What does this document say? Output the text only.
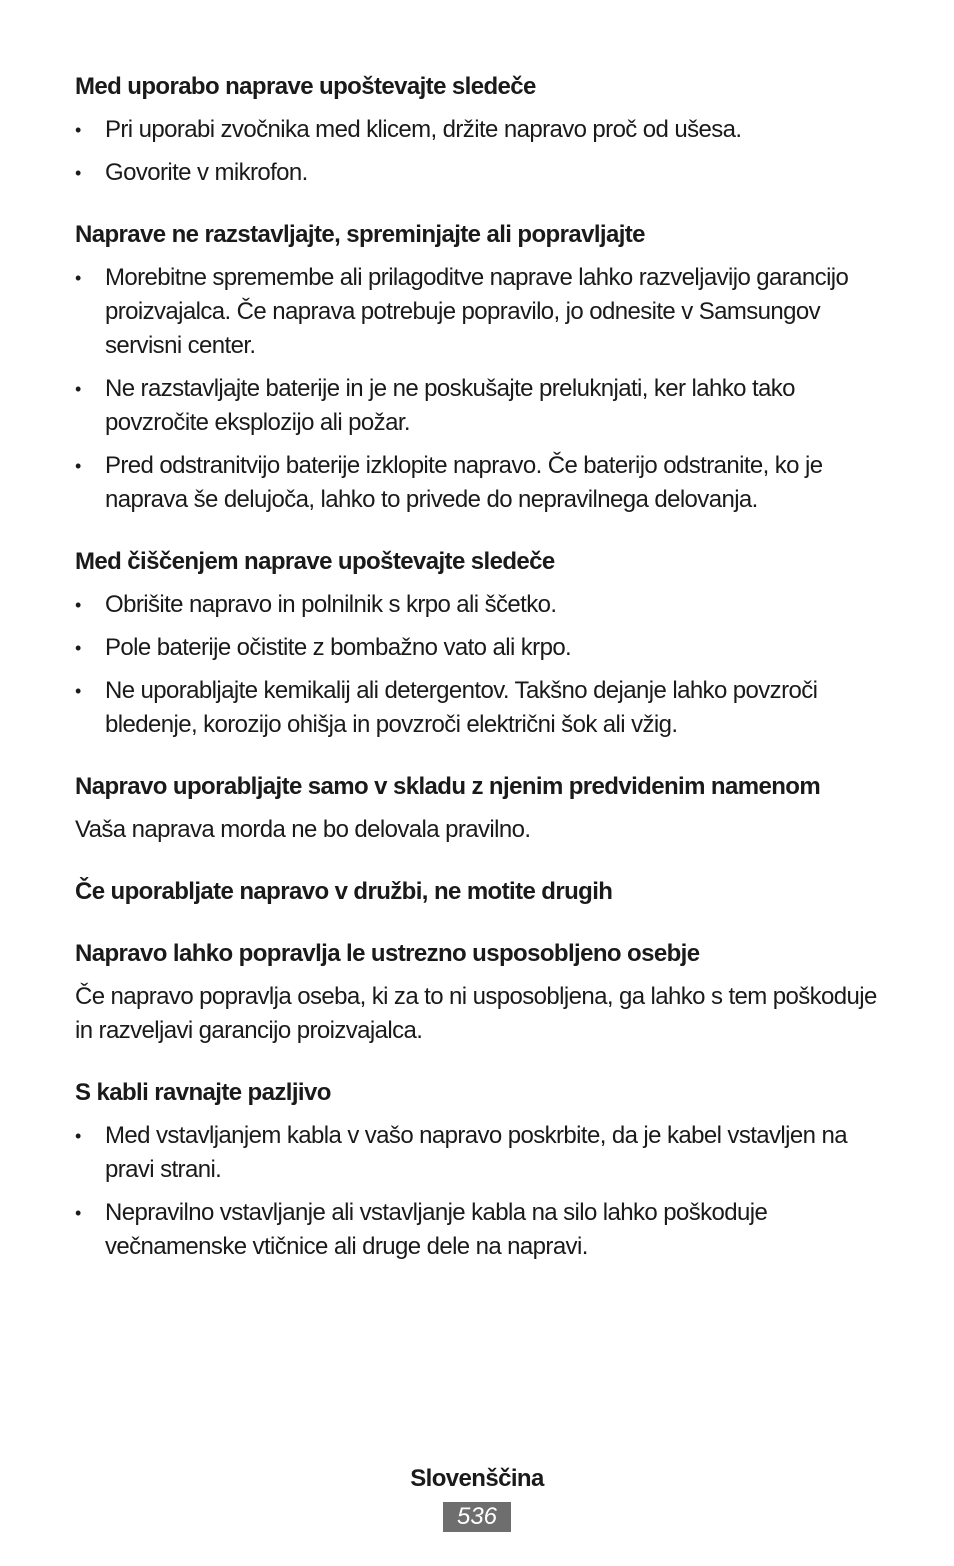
Med uporabo naprave upoštevajte sledeče
• Pri uporabi zvočnika med klicem, držite napravo proč od ušesa.
• Govorite v mikrofon.
Naprave ne razstavljajte, spreminjajte ali popravljajte
• Morebitne spremembe ali prilagoditve naprave lahko razveljavijo garancijo proizvajalca. Če naprava potrebuje popravilo, jo odnesite v Samsungov servisni center.
• Ne razstavljajte baterije in je ne poskušajte preluknjati, ker lahko tako povzročite eksplozijo ali požar.
• Pred odstranitvijo baterije izklopite napravo. Če baterijo odstranite, ko je naprava še delujoča, lahko to privede do nepravilnega delovanja.
Med čiščenjem naprave upoštevajte sledeče
• Obrišite napravo in polnilnik s krpo ali ščetko.
• Pole baterije očistite z bombažno vato ali krpo.
• Ne uporabljajte kemikalij ali detergentov. Takšno dejanje lahko povzroči bledenje, korozijo ohišja in povzroči električni šok ali vžig.
Napravo uporabljajte samo v skladu z njenim predvidenim namenom

Vaša naprava morda ne bo delovala pravilno.

Če uporabljate napravo v družbi, ne motite drugih
Napravo lahko popravlja le ustrezno usposobljeno osebje

Če napravo popravlja oseba, ki za to ni usposobljena, ga lahko s tem poškoduje in razveljavi garancijo proizvajalca.

S kabli ravnajte pazljivo
• Med vstavljanjem kabla v vašo napravo poskrbite, da je kabel vstavljen na pravi strani.
• Nepravilno vstavljanje ali vstavljanje kabla na silo lahko poškoduje večnamenske vtičnice ali druge dele na napravi.
Slovenščina
536
